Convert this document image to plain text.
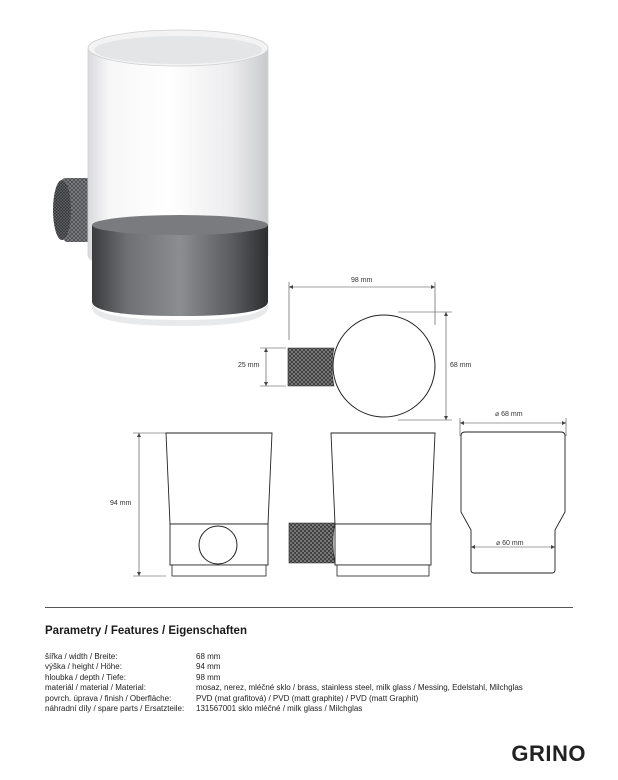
98 mm
68 mm
25 mm
94 mm
⌀ 68 mm
⌀ 60 mm
Parametry / Features / Eigenschaften
šířka / width / Breite:	68 mm
výška / height / Höhe:	94 mm
hloubka / depth / Tiefe:	98 mm
materiál / material / Material:	mosaz, nerez, mléčné sklo / brass, stainless steel, milk glass / Messing, Edelstahl, Milchglas
povrch. úprava / finish / Oberfläche:	PVD (mat grafitová) / PVD (matt graphite) / PVD (matt Graphit)
náhradní díly / spare parts / Ersatzteile:	131567001 sklo mléčné / milk glass / Milchglas
GRINO
